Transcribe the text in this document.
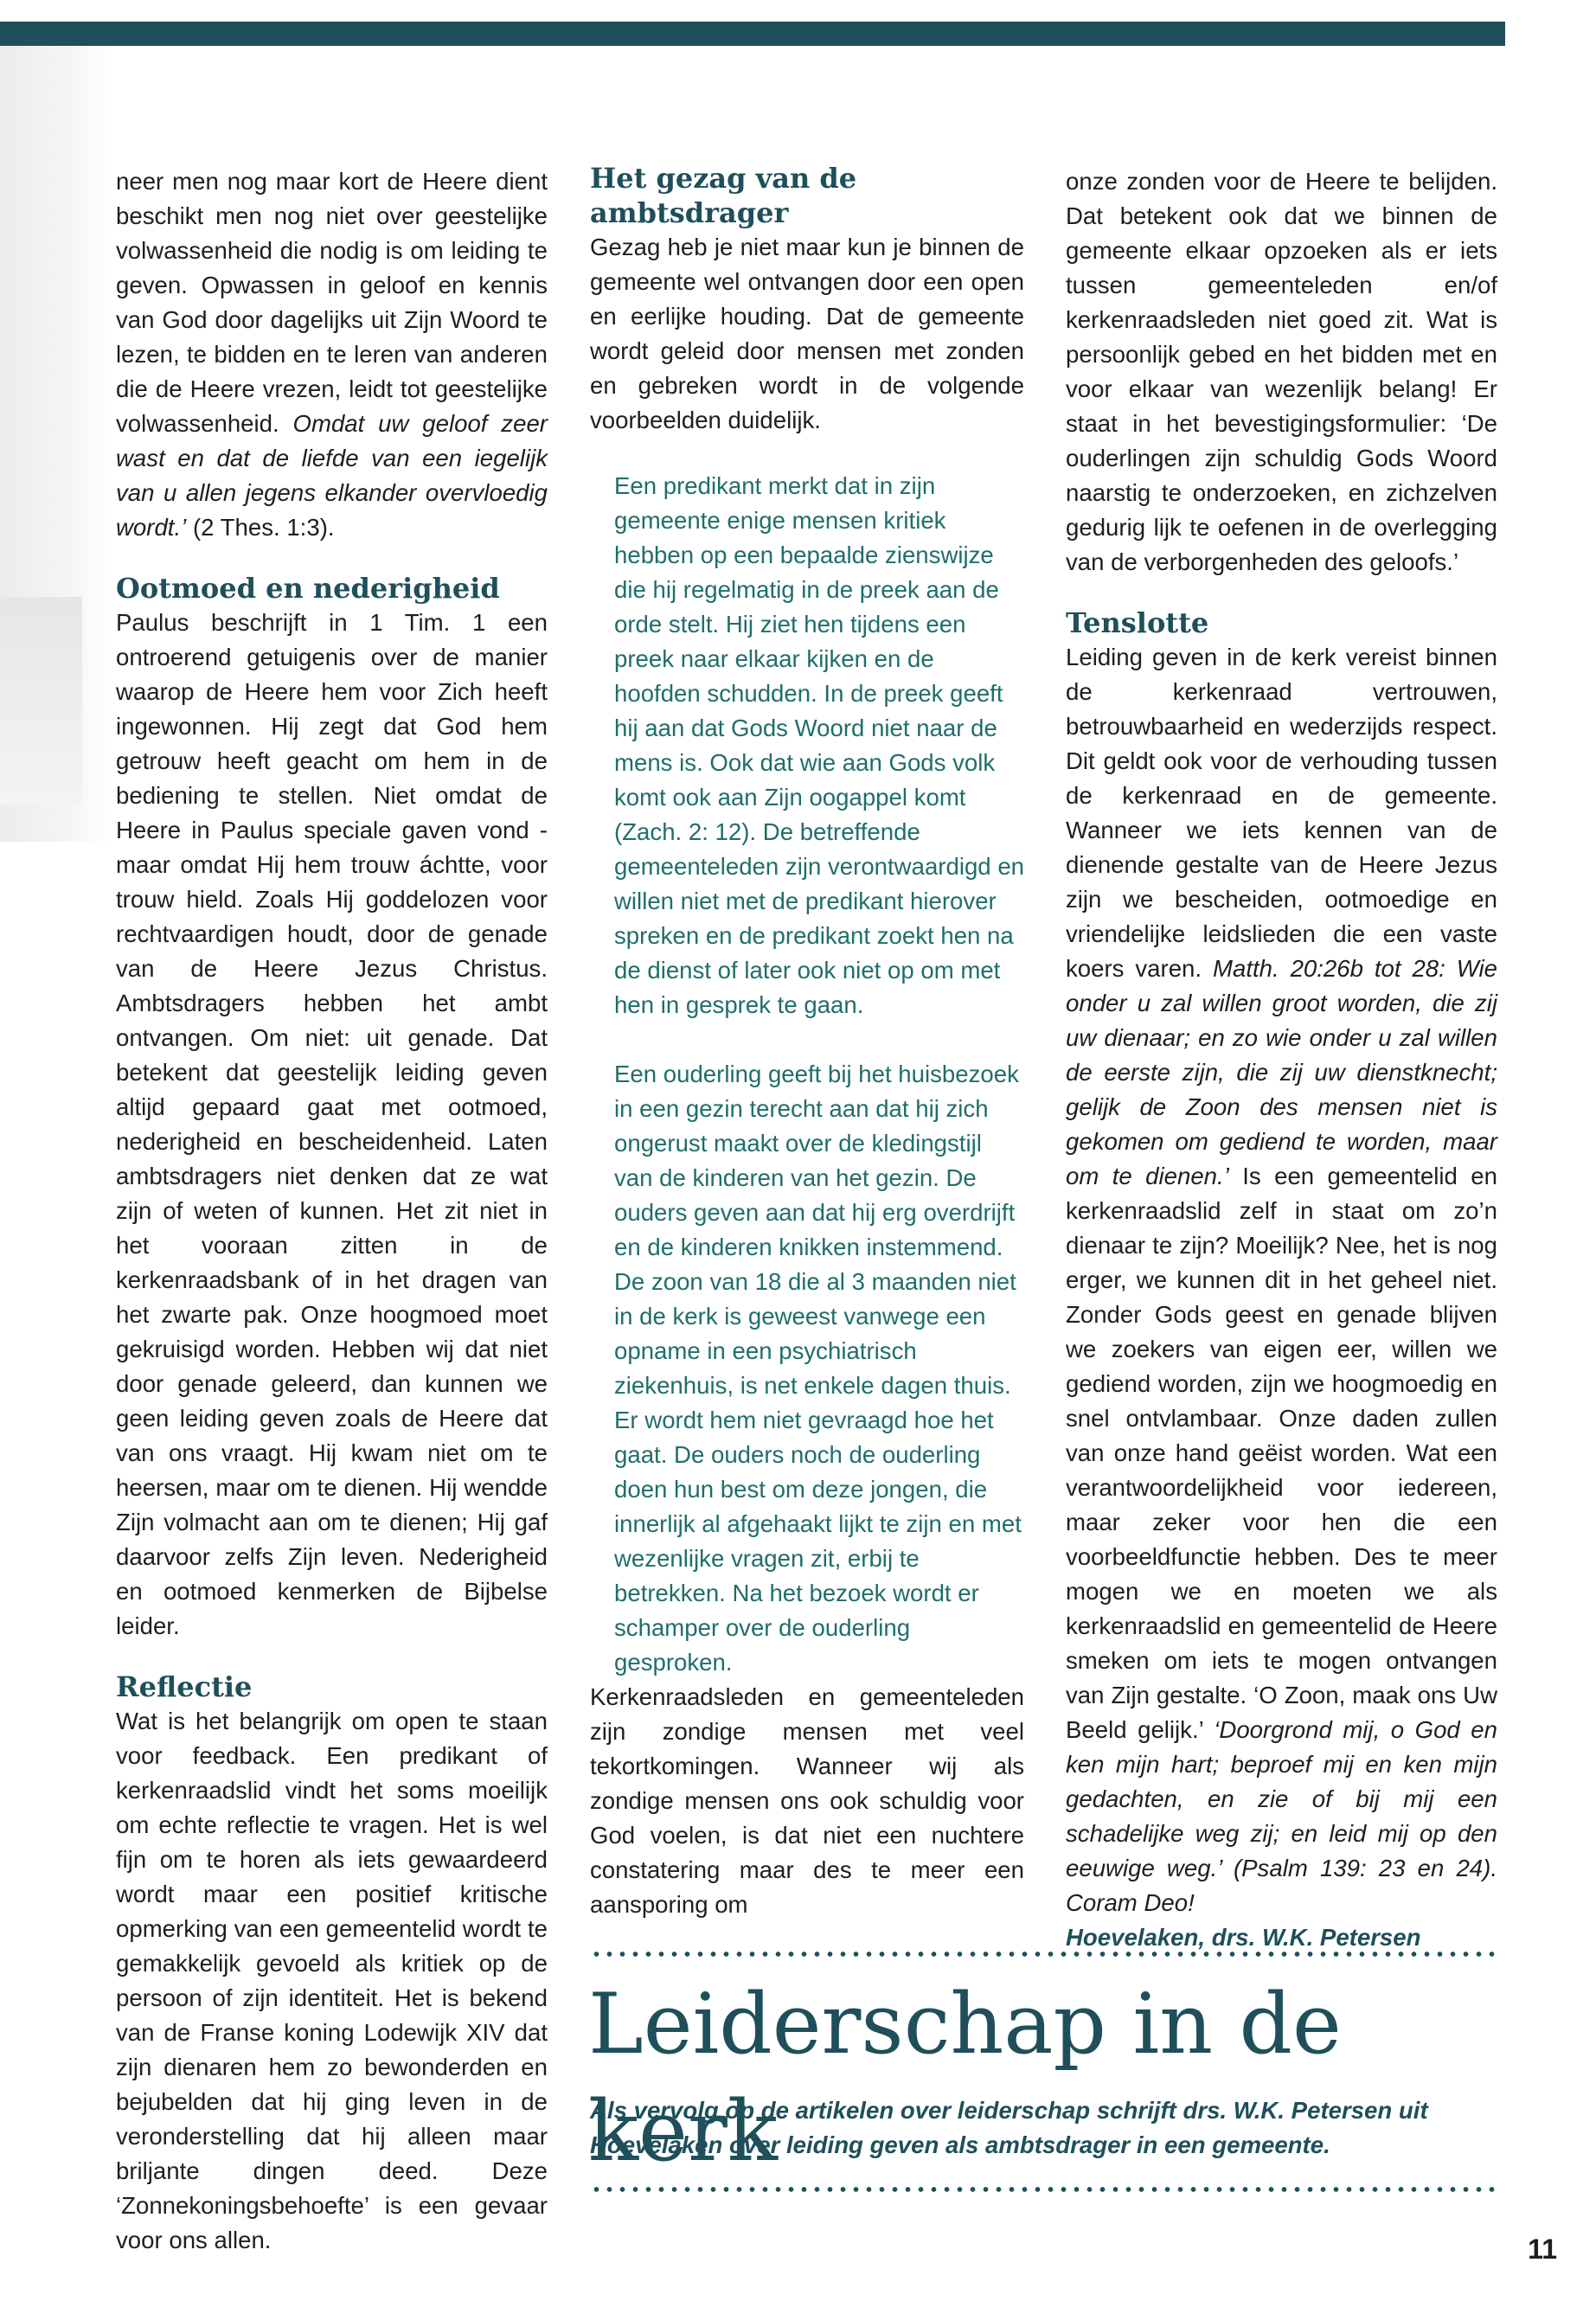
neer men nog maar kort de Heere dient beschikt men nog niet over geestelijke volwassenheid die nodig is om leiding te geven. Opwassen in geloof en kennis van God door dagelijks uit Zijn Woord te lezen, te bidden en te leren van anderen die de Heere vrezen, leidt tot geestelijke volwassenheid. Omdat uw geloof zeer wast en dat de liefde van een iegelijk van u allen jegens elkander overvloedig wordt.’ (2 Thes. 1:3).

Ootmoed en nederigheid

Paulus beschrijft in 1 Tim. 1 een ontroerend getuigenis over de manier waarop de Heere hem voor Zich heeft ingewonnen. Hij zegt dat God hem getrouw heeft geacht om hem in de bediening te stellen. Niet omdat de Heere in Paulus speciale gaven vond - maar omdat Hij hem trouw áchtte, voor trouw hield. Zoals Hij goddelozen voor rechtvaardigen houdt, door de genade van de Heere Jezus Christus. Ambtsdragers hebben het ambt ontvangen. Om niet: uit genade. Dat betekent dat geestelijk leiding geven altijd gepaard gaat met ootmoed, nederigheid en bescheidenheid. Laten ambtsdragers niet denken dat ze wat zijn of weten of kunnen. Het zit niet in het vooraan zitten in de kerkenraadsbank of in het dragen van het zwarte pak. Onze hoogmoed moet gekruisigd worden. Hebben wij dat niet door genade geleerd, dan kunnen we geen leiding geven zoals de Heere dat van ons vraagt. Hij kwam niet om te heersen, maar om te dienen. Hij wendde Zijn volmacht aan om te dienen; Hij gaf daarvoor zelfs Zijn leven. Nederigheid en ootmoed kenmerken de Bijbelse leider.

Reflectie

Wat is het belangrijk om open te staan voor feedback. Een predikant of kerkenraadslid vindt het soms moeilijk om echte reflectie te vragen. Het is wel fijn om te horen als iets gewaardeerd wordt maar een positief kritische opmerking van een gemeentelid wordt te gemakkelijk gevoeld als kritiek op de persoon of zijn identiteit. Het is bekend van de Franse koning Lodewijk XIV dat zijn dienaren hem zo bewonderden en bejubelden dat hij ging leven in de veronderstelling dat hij alleen maar briljante dingen deed. Deze ‘Zonnekoningsbehoefte’ is een gevaar voor ons allen.

Het gezag van de ambtsdrager

Gezag heb je niet maar kun je binnen de gemeente wel ontvangen door een open en eerlijke houding. Dat de gemeente wordt geleid door mensen met zonden en gebreken wordt in de volgende voorbeelden duidelijk.

Een predikant merkt dat in zijn gemeente enige mensen kritiek hebben op een bepaalde zienswijze die hij regelmatig in de preek aan de orde stelt. Hij ziet hen tijdens een preek naar elkaar kijken en de hoofden schudden. In de preek geeft hij aan dat Gods Woord niet naar de mens is. Ook dat wie aan Gods volk komt ook aan Zijn oogappel komt (Zach. 2: 12). De betreffende gemeenteleden zijn verontwaardigd en willen niet met de predikant hierover spreken en de predikant zoekt hen na de dienst of later ook niet op om met hen in gesprek te gaan.

Een ouderling geeft bij het huisbezoek in een gezin terecht aan dat hij zich ongerust maakt over de kledingstijl van de kinderen van het gezin. De ouders geven aan dat hij erg overdrijft en de kinderen knikken instemmend. De zoon van 18 die al 3 maanden niet in de kerk is geweest vanwege een opname in een psychiatrisch ziekenhuis, is net enkele dagen thuis. Er wordt hem niet gevraagd hoe het gaat. De ouders noch de ouderling doen hun best om deze jongen, die innerlijk al afgehaakt lijkt te zijn en met wezenlijke vragen zit, erbij te betrekken. Na het bezoek wordt er schamper over de ouderling gesproken.

Kerkenraadsleden en gemeenteleden zijn zondige mensen met veel tekortkomingen. Wanneer wij als zondige mensen ons ook schuldig voor God voelen, is dat niet een nuchtere constatering maar des te meer een aansporing om

onze zonden voor de Heere te belijden. Dat betekent ook dat we binnen de gemeente elkaar opzoeken als er iets tussen gemeenteleden en/of kerkenraadsleden niet goed zit. Wat is persoonlijk gebed en het bidden met en voor elkaar van wezenlijk belang! Er staat in het bevestigingsformulier: ‘De ouderlingen zijn schuldig Gods Woord naarstig te onderzoeken, en zichzelven gedurig lijk te oefenen in de overlegging van de verborgenheden des geloofs.’

Tenslotte

Leiding geven in de kerk vereist binnen de kerkenraad vertrouwen, betrouwbaarheid en wederzijds respect. Dit geldt ook voor de verhouding tussen de kerkenraad en de gemeente. Wanneer we iets kennen van de dienende gestalte van de Heere Jezus zijn we bescheiden, ootmoedige en vriendelijke leidslieden die een vaste koers varen. Matth. 20:26b tot 28: Wie onder u zal willen groot worden, die zij uw dienaar; en zo wie onder u zal willen de eerste zijn, die zij uw dienstknecht; gelijk de Zoon des mensen niet is gekomen om gediend te worden, maar om te dienen.’ Is een gemeentelid en kerkenraadslid zelf in staat om zo’n dienaar te zijn? Moeilijk? Nee, het is nog erger, we kunnen dit in het geheel niet. Zonder Gods geest en genade blijven we zoekers van eigen eer, willen we gediend worden, zijn we hoogmoedig en snel ontvlambaar. Onze daden zullen van onze hand geëist worden. Wat een verantwoordelijkheid voor iedereen, maar zeker voor hen die een voorbeeldfunctie hebben. Des te meer mogen we en moeten we als kerkenraadslid en gemeentelid de Heere smeken om iets te mogen ontvangen van Zijn gestalte. ‘O Zoon, maak ons Uw Beeld gelijk.’ ‘Doorgrond mij, o God en ken mijn hart; beproef mij en ken mijn gedachten, en zie of bij mij een schadelijke weg zij; en leid mij op den eeuwige weg.’ (Psalm 139: 23 en 24). Coram Deo!

Hoevelaken, drs. W.K. Petersen

Leiderschap in de kerk

Als vervolg op de artikelen over leiderschap schrijft drs. W.K. Petersen uit Hoevelaken over leiding geven als ambtsdrager in een gemeente.

11
